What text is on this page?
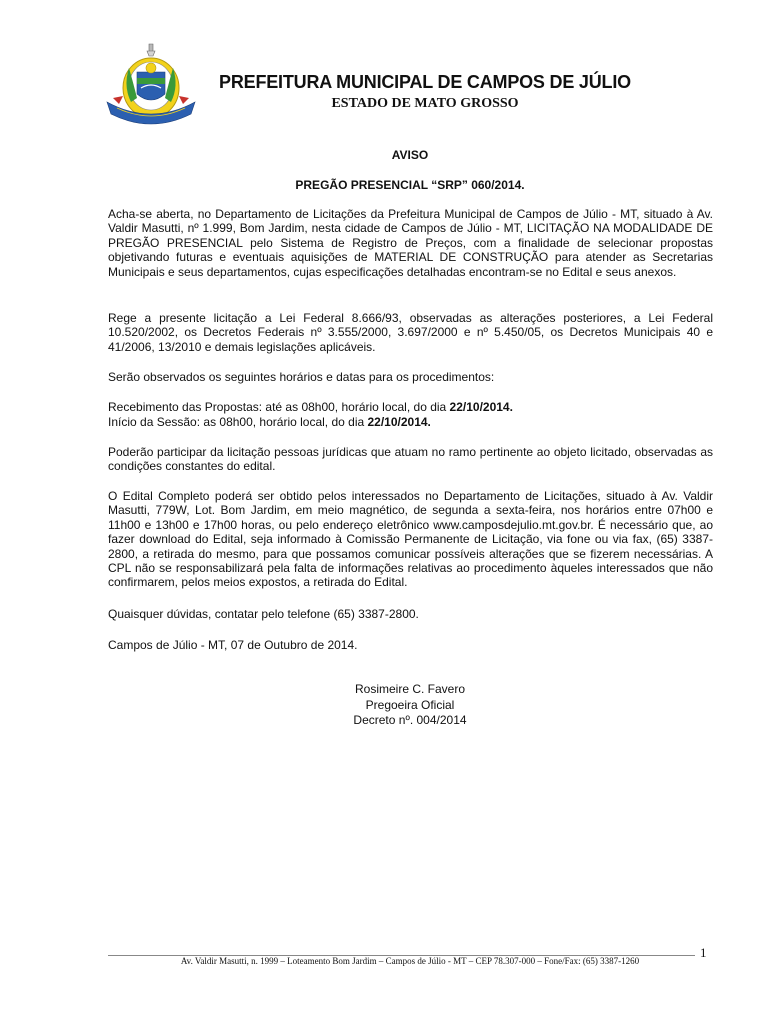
PREFEITURA MUNICIPAL DE CAMPOS DE JÚLIO
ESTADO DE MATO GROSSO
AVISO
PREGÃO PRESENCIAL “SRP” 060/2014.

Acha-se aberta, no Departamento de Licitações da Prefeitura Municipal de Campos de Júlio - MT, situado à Av. Valdir Masutti, nº 1.999, Bom Jardim, nesta cidade de Campos de Júlio - MT, LICITAÇÃO NA MODALIDADE DE PREGÃO PRESENCIAL pelo Sistema de Registro de Preços, com a finalidade de selecionar propostas objetivando futuras e eventuais aquisições de MATERIAL DE CONSTRUÇÃO para atender as Secretarias Municipais e seus departamentos, cujas especificações detalhadas encontram-se no Edital e seus anexos.

Rege a presente licitação a Lei Federal 8.666/93, observadas as alterações posteriores, a Lei Federal 10.520/2002, os Decretos Federais nº 3.555/2000, 3.697/2000 e nº 5.450/05, os Decretos Municipais 40 e 41/2006, 13/2010 e demais legislações aplicáveis.

Serão observados os seguintes horários e datas para os procedimentos:

Recebimento das Propostas: até as 08h00, horário local, do dia 22/10/2014.

Início da Sessão: as 08h00, horário local, do dia 22/10/2014.

Poderão participar da licitação pessoas jurídicas que atuam no ramo pertinente ao objeto licitado, observadas as condições constantes do edital.

O Edital Completo poderá ser obtido pelos interessados no Departamento de Licitações, situado à Av. Valdir Masutti, 779W, Lot. Bom Jardim, em meio magnético, de segunda a sexta-feira, nos horários entre 07h00 e 11h00 e 13h00 e 17h00 horas, ou pelo endereço eletrônico www.camposdejulio.mt.gov.br. É necessário que, ao fazer download do Edital, seja informado à Comissão Permanente de Licitação, via fone ou via fax, (65) 3387-2800, a retirada do mesmo, para que possamos comunicar possíveis alterações que se fizerem necessárias. A CPL não se responsabilizará pela falta de informações relativas ao procedimento àqueles interessados que não confirmarem, pelos meios expostos, a retirada do Edital.

Quaisquer dúvidas, contatar pelo telefone (65) 3387-2800.

Campos de Júlio - MT, 07 de Outubro de 2014.

Rosimeire C. Favero
Pregoeira Oficial
Decreto nº. 004/2014
Av. Valdir Masutti, n. 1999 – Loteamento Bom Jardim – Campos de Júlio - MT – CEP 78.307-000 – Fone/Fax: (65) 3387-1260
1
